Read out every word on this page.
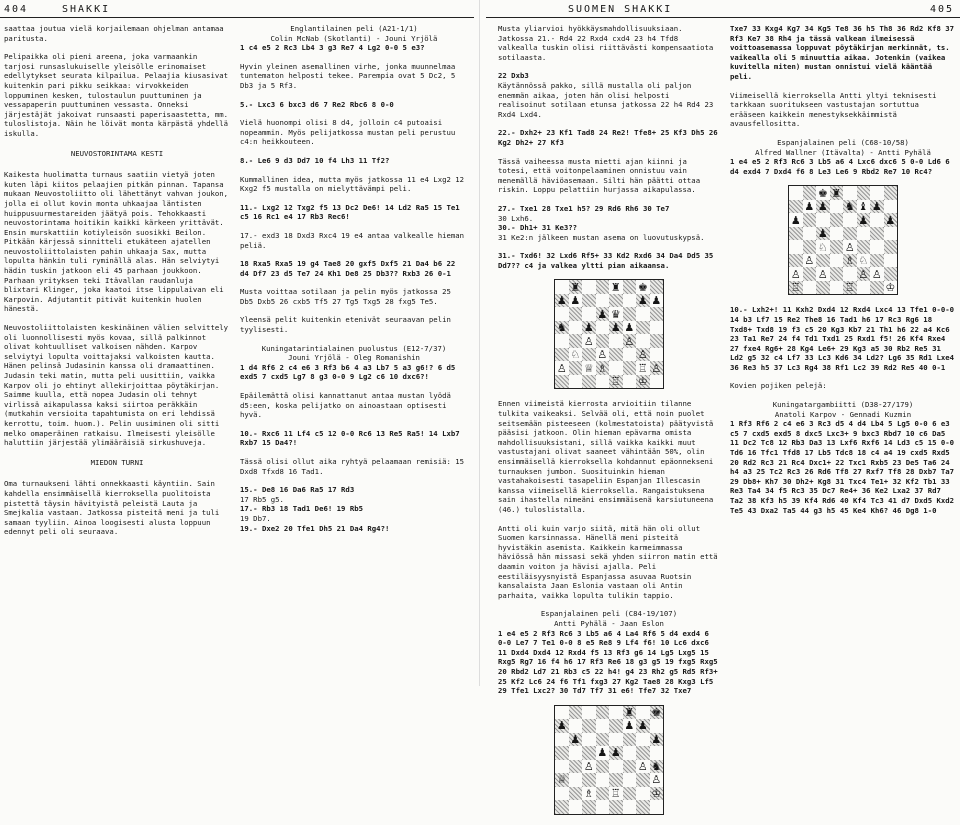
404	SHAKKI	SUOMEN SHAKKI	405

saattaa joutua vielä korjailemaan ohjelman antamaa paritusta.

Pelipaikka oli pieni areena, joka varmaankin tarjosi runsaslukuiselle yleisölle erinomaiset edellytykset seurata kilpailua. Pelaajia kiusasivat kuitenkin pari pikku seikkaa: virvokkeiden loppuminen kesken, tulostaulun puuttuminen ja vessapaperin puuttuminen vessasta. Onneksi järjestäjät jakoivat runsaasti paperisaastetta, mm. tuloslistoja. Näin he löivät monta kärpästä yhdellä iskulla.

NEUVOSTORINTAMA KESTI

Kaikesta huolimatta turnaus saatiin vietyä joten kuten läpi kiitos pelaajien pitkän pinnan. Tapansa mukaan Neuvostoliitto oli lähettänyt vahvan joukon, jolla ei ollut kovin monta uhkaajaa läntisten huippusuurmestareiden jäätyä pois. Tehokkaasti neuvostorintama hoitikin kaikki kärkeen yrittävät. Ensin murskattiin kotiyleisön suosikki Beilon. Pitkään kärjessä sinnitteli etukäteen ajatellen neuvostoliittolaisten pahin uhkaaja Sax, mutta lopulta hänkin tuli ryminällä alas. Hän selviytyi hädin tuskin jatkoon eli 45 parhaan joukkoon. Parhaan yrityksen teki Itävallan raudanluja blixtari Klinger, joka kaatoi itse lippulaivan eli Karpovin. Adjutantit pitivät kuitenkin huolen hänestä.

Neuvostoliittolaisten keskinäinen välien selvittely oli luonnollisesti myös kovaa, sillä palkinnot olivat kohtuulliset valkoisen nähden. Karpov selviytyi lopulta voittajaksi valkoisten kautta. Hänen pelinsä Judasinin kanssa oli dramaattinen. Judasin teki matin, mutta peli uusittiin, vaikka Karpov oli jo ehtinyt allekirjoittaa pöytäkirjan. Saimme kuulla, että nopea Judasin oli tehnyt virlissä aikapulassa kaksi siirtoa peräkkäin (mutkahin versioita tapahtumista on eri lehdissä kerrottu, toim. huom.). Pelin uusiminen oli sitti melko omaperäinen ratkaisu. Ilmeisesti yleisölle haluttiin järjestää ylimääräisiä sirkushuveja.

MIEDON TURNI

Oma turnaukseni lähti onnekkaasti käyntiin. Sain kahdella ensimmäisellä kierroksella puolitoista pistettä täysin hävityistä peleistä Lauta ja Smejkalia vastaan. Jatkossa pisteitä meni ja tuli samaan tyyliin. Ainoa loogisesti alusta loppuun edennyt peli oli seuraava.

Englantilainen peli (A21-1/1)

Colin McNab (Skotlanti) - Jouni Yrjölä

1 c4 e5 2 Rc3 Lb4 3 g3 Re7 4 Lg2 0-0 5 e3?

Hyvin yleinen asemallinen virhe, jonka muunnelmaa tuntematon helposti tekee. Parempia ovat 5 Dc2, 5 Db3 ja 5 Rf3.

5.- Lxc3 6 bxc3 d6 7 Re2 Rbc6 8 0-0

Vielä huonompi olisi 8 d4, jolloin c4 putoaisi nopeammin. Myös pelijatkossa mustan peli perustuu c4:n heikkouteen.

8.- Le6 9 d3 Dd7 10 f4 Lh3 11 Tf2?

Kummallinen idea, mutta myös jatkossa 11 e4 Lxg2 12 Kxg2 f5 mustalla on mielyttävämpi peli.

11.- Lxg2 12 Txg2 f5 13 Dc2 De6! 14 Ld2 Ra5 15 Te1 c5 16 Rc1 e4 17 Rb3 Rec6!

17.- exd3 18 Dxd3 Rxc4 19 e4 antaa valkealle hieman peliä.

18 Rxa5 Rxa5 19 g4 Tae8 20 gxf5 Dxf5 21 Da4 b6 22 d4 Df7 23 d5 Te7 24 Kh1 De8 25 Db3?? Rxb3 26 0-1

Musta voittaa sotilaan ja pelin myös jatkossa 25 Db5 Dxb5 26 cxb5 Tf5 27 Tg5 Txg5 28 fxg5 Te5.

Yleensä pelit kuitenkin etenivät seuraavan pelin tyylisesti.

Kuningatarintialainen puolustus (E12-7/37)

Jouni Yrjölä - Oleg Romanishin

1 d4 Rf6 2 c4 e6 3 Rf3 b6 4 a3 Lb7 5 a3 g6!? 6 d5 exd5 7 cxd5 Lg7 8 g3 0-0 9 Lg2 c6 10 dxc6?!

Epäilemättä olisi kannattanut antaa mustan lyödä d5:een, koska pelijatko on ainoastaan optisesti hyvä.

10.- Rxc6 11 Lf4 c5 12 0-0 Rc6 13 Re5 Ra5! 14 Lxb7 Rxb7 15 Da4?!

Tässä olisi ollut aika ryhtyä pelaamaan remisiä: 15 Dxd8 Tfxd8 16 Tad1.

15.- De8 16 Da6 Ra5 17 Rd3

17 Rb5 g5.

17.- Rb3 18 Tad1 De6! 19 Rb5

19 Db7.

19.- Dxe2 20 Tfe1 Dh5 21 Da4 Rg4?!

Musta yliarvioi hyökkäysmahdollisuuksiaan. Jatkossa 21.- Rd4 22 Rxd4 cxd4 23 h4 Tfd8 valkealla tuskin olisi riittävästi kompensaatiota sotilaasta.

22 Dxb3

Käytännössä pakko, sillä mustalla oli paljon enemmän aikaa, joten hän olisi helposti realisoinut sotilaan etunsa jatkossa 22 h4 Rd4 23 Rxd4 Lxd4.

22.- Dxh2+ 23 Kf1 Tad8 24 Re2! Tfe8+ 25 Kf3 Dh5 26 Kg2 Dh2+ 27 Kf3

Tässä vaiheessa musta mietti ajan kiinni ja totesi, että voitonpelaaminen onnistuu vain menemällä häviöasemaan. Silti hän päätti ottaa riskin. Loppu pelattiin hurjassa aikapulassa.

27.- Txe1 28 Txe1 h5? 29 Rd6 Rh6 30 Te7

30 Lxh6.

30.- Dh1+ 31 Ke3??

31 Ke2:n jälkeen mustan asema on luovutuskypsä.

31.- Txd6! 32 Lxd6 Rf5+ 33 Kd2 Rxd6 34 Da4 Dd5 35 Dd7?? c4 ja valkea yltti pian aikaansa.

♜	♜ ♚
♟ ♟	♟ ♟
♟ ♛
♞ ♟ ♟ ♟
♙	♙
♘ ♙	♙
♙ ♕ ♗	♖ ♙
♖ ♔

Ennen viimeistä kierrosta arvioitiin tilanne tulkita vaikeaksi. Selvää oli, että noin puolet seitsemään pisteeseen (kolmestatoista) päätyvistä pääsisi jatkoon. Olin hieman epävarma omista mahdollisuuksistani, sillä vaikka kaikki muut vastustajani olivat saaneet vähintään 50%, olin ensimmäisellä kierroksella kohdannut epäonnekseni turnauksen jumbon. Suosituinkin hieman vastahakoisesti tasapeliin Espanjan Illescasin kanssa viimeisellä kierroksella. Rangaistuksena sain ihastella nimeäni ensimmäisenä karsiutuneena (46.) tuloslistalla.

Antti oli kuin varjo siitä, mitä hän oli ollut Suomen karsinnassa. Hänellä meni pisteitä hyvistäkin asemista. Kaikkein karmeimmassa häviössä hän missasi sekä yhden siirron matin että daamin voiton ja hävisi ajalla. Peli eestiläisyysnyistä Espanjassa asuvaa Ruotsin kansalaista Jaan Eslonia vastaan oli Antin parhaita, vaikka lopulta tulikin tappio.

Espanjalainen peli (C84-19/107)

Antti Pyhälä - Jaan Eslon

1 e4 e5 2 Rf3 Rc6 3 Lb5 a6 4 La4 Rf6 5 d4 exd4 6 0-0 Le7 7 Te1 0-0 8 e5 Re8 9 Lf4 f6! 10 Lc6 dxc6 11 Dxd4 Dxd4 12 Rxd4 f5 13 Rf3 g6 14 Lg5 Lxg5 15 Rxg5 Rg7 16 f4 h6 17 Rf3 Re6 18 g3 g5 19 fxg5 Rxg5 20 Rbd2 Ld7 21 Rb3 c5 22 h4! g4 23 Rh2 g5 Rd5 Rf3+ 25 Kf2 Lc6 24 f6 Tf1 fxg3 27 Kg2 Tae8 28 Kxg3 Lf5 29 Tfe1 Lxc2? 30 Td7 Tf7 31 e6! Tfe7 32 Txe7

♜ ♚
♟	♟ ♟
♟	♟
♟ ♟
♙	♙ ♞
♕	♙
♗ ♖	♔

Txe7 33 Kxg4 Kg7 34 Kg5 Te8 36 h5 Th8 36 Rd2 Kf8 37 Rf3 Ke7 38 Rh4 ja tässä valkean ilmeisessä voittoasemassa loppuvat pöytäkirjan merkinnät, ts. vaikealla oli 5 minuuttia aikaa. Jotenkin (vaikea kuvitella miten) mustan onnistui vielä kääntää peli.

Viimeisellä kierroksella Antti yltyi teknisesti tarkkaan suoritukseen vastustajan sortuttua erääseen kaikkein menestyksekkäimmistä avausfellositta.

Espanjalainen peli (C68-10/58)

Alfred Wallner (Itävalta) - Antti Pyhälä

1 e4 e5 2 Rf3 Rc6 3 Lb5 a6 4 Lxc6 dxc6 5 0-0 Ld6 6 d4 exd4 7 Dxd4 f6 8 Le3 Le6 9 Rbd2 Re7 10 Rc4?

♚ ♜
♟ ♟ ♞ ♝ ♟
♟	♟ ♟
♟
♘ ♙
♙	♗ ♘
♙ ♙	♙ ♙
♖	♖	♔

10.- Lxh2+! 11 Kxh2 Dxd4 12 Rxd4 Lxc4 13 Tfe1 0-0-0 14 b3 Lf7 15 Re2 The8 16 Tad1 h6 17 Rc3 Rg6 18 Txd8+ Txd8 19 f3 c5 20 Kg3 Kb7 21 Th1 h6 22 a4 Kc6 23 Ta1 Re7 24 f4 Td1 Txd1 25 Rxd1 f5! 26 Kf4 Rxe4 27 fxe4 Rg6+ 28 Kg4 Le6+ 29 Kg3 a5 30 Rb2 Re5 31 Ld2 g5 32 c4 Lf7 33 Lc3 Kd6 34 Ld2? Lg6 35 Rd1 Lxe4 36 Re3 h5 37 Lc3 Rg4 38 Rf1 Lc2 39 Rd2 Re5 40 0-1

Kovien pojiken pelejä:

Kuningatargambiitti (D38-27/179)

Anatoli Karpov - Gennadi Kuzmin

1 Rf3 Rf6 2 c4 e6 3 Rc3 d5 4 d4 Lb4 5 Lg5 0-0 6 e3 c5 7 cxd5 exd5 8 dxc5 Lxc3+ 9 bxc3 Rbd7 10 c6 Da5 11 Dc2 Tc8 12 Rb3 Da3 13 Lxf6 Rxf6 14 Ld3 c5 15 0-0 Td6 16 Tfc1 Tfd8 17 Lb5 Tdc8 18 c4 a4 19 cxd5 Rxd5 20 Rd2 Rc3 21 Rc4 Dxc1+ 22 Txc1 Rxb5 23 De5 Ta6 24 h4 a3 25 Tc2 Rc3 26 Rd6 Tf8 27 Rxf7 Tf8 28 Dxb7 Ta7 29 Db8+ Kh7 30 Dh2+ Kg8 31 Txc4 Te1+ 32 Kf2 Tb1 33 Re3 Ta4 34 f5 Rc3 35 Dc7 Re4+ 36 Ke2 Lxa2 37 Rd7 Ta2 38 Kf3 h5 39 Kf4 Rd6 40 Kf4 Tc3 41 d7 Dxd5 Kxd2 Te5 43 Dxa2 Ta5 44 g3 h5 45 Ke4 Kh6? 46 Dg8 1-0
